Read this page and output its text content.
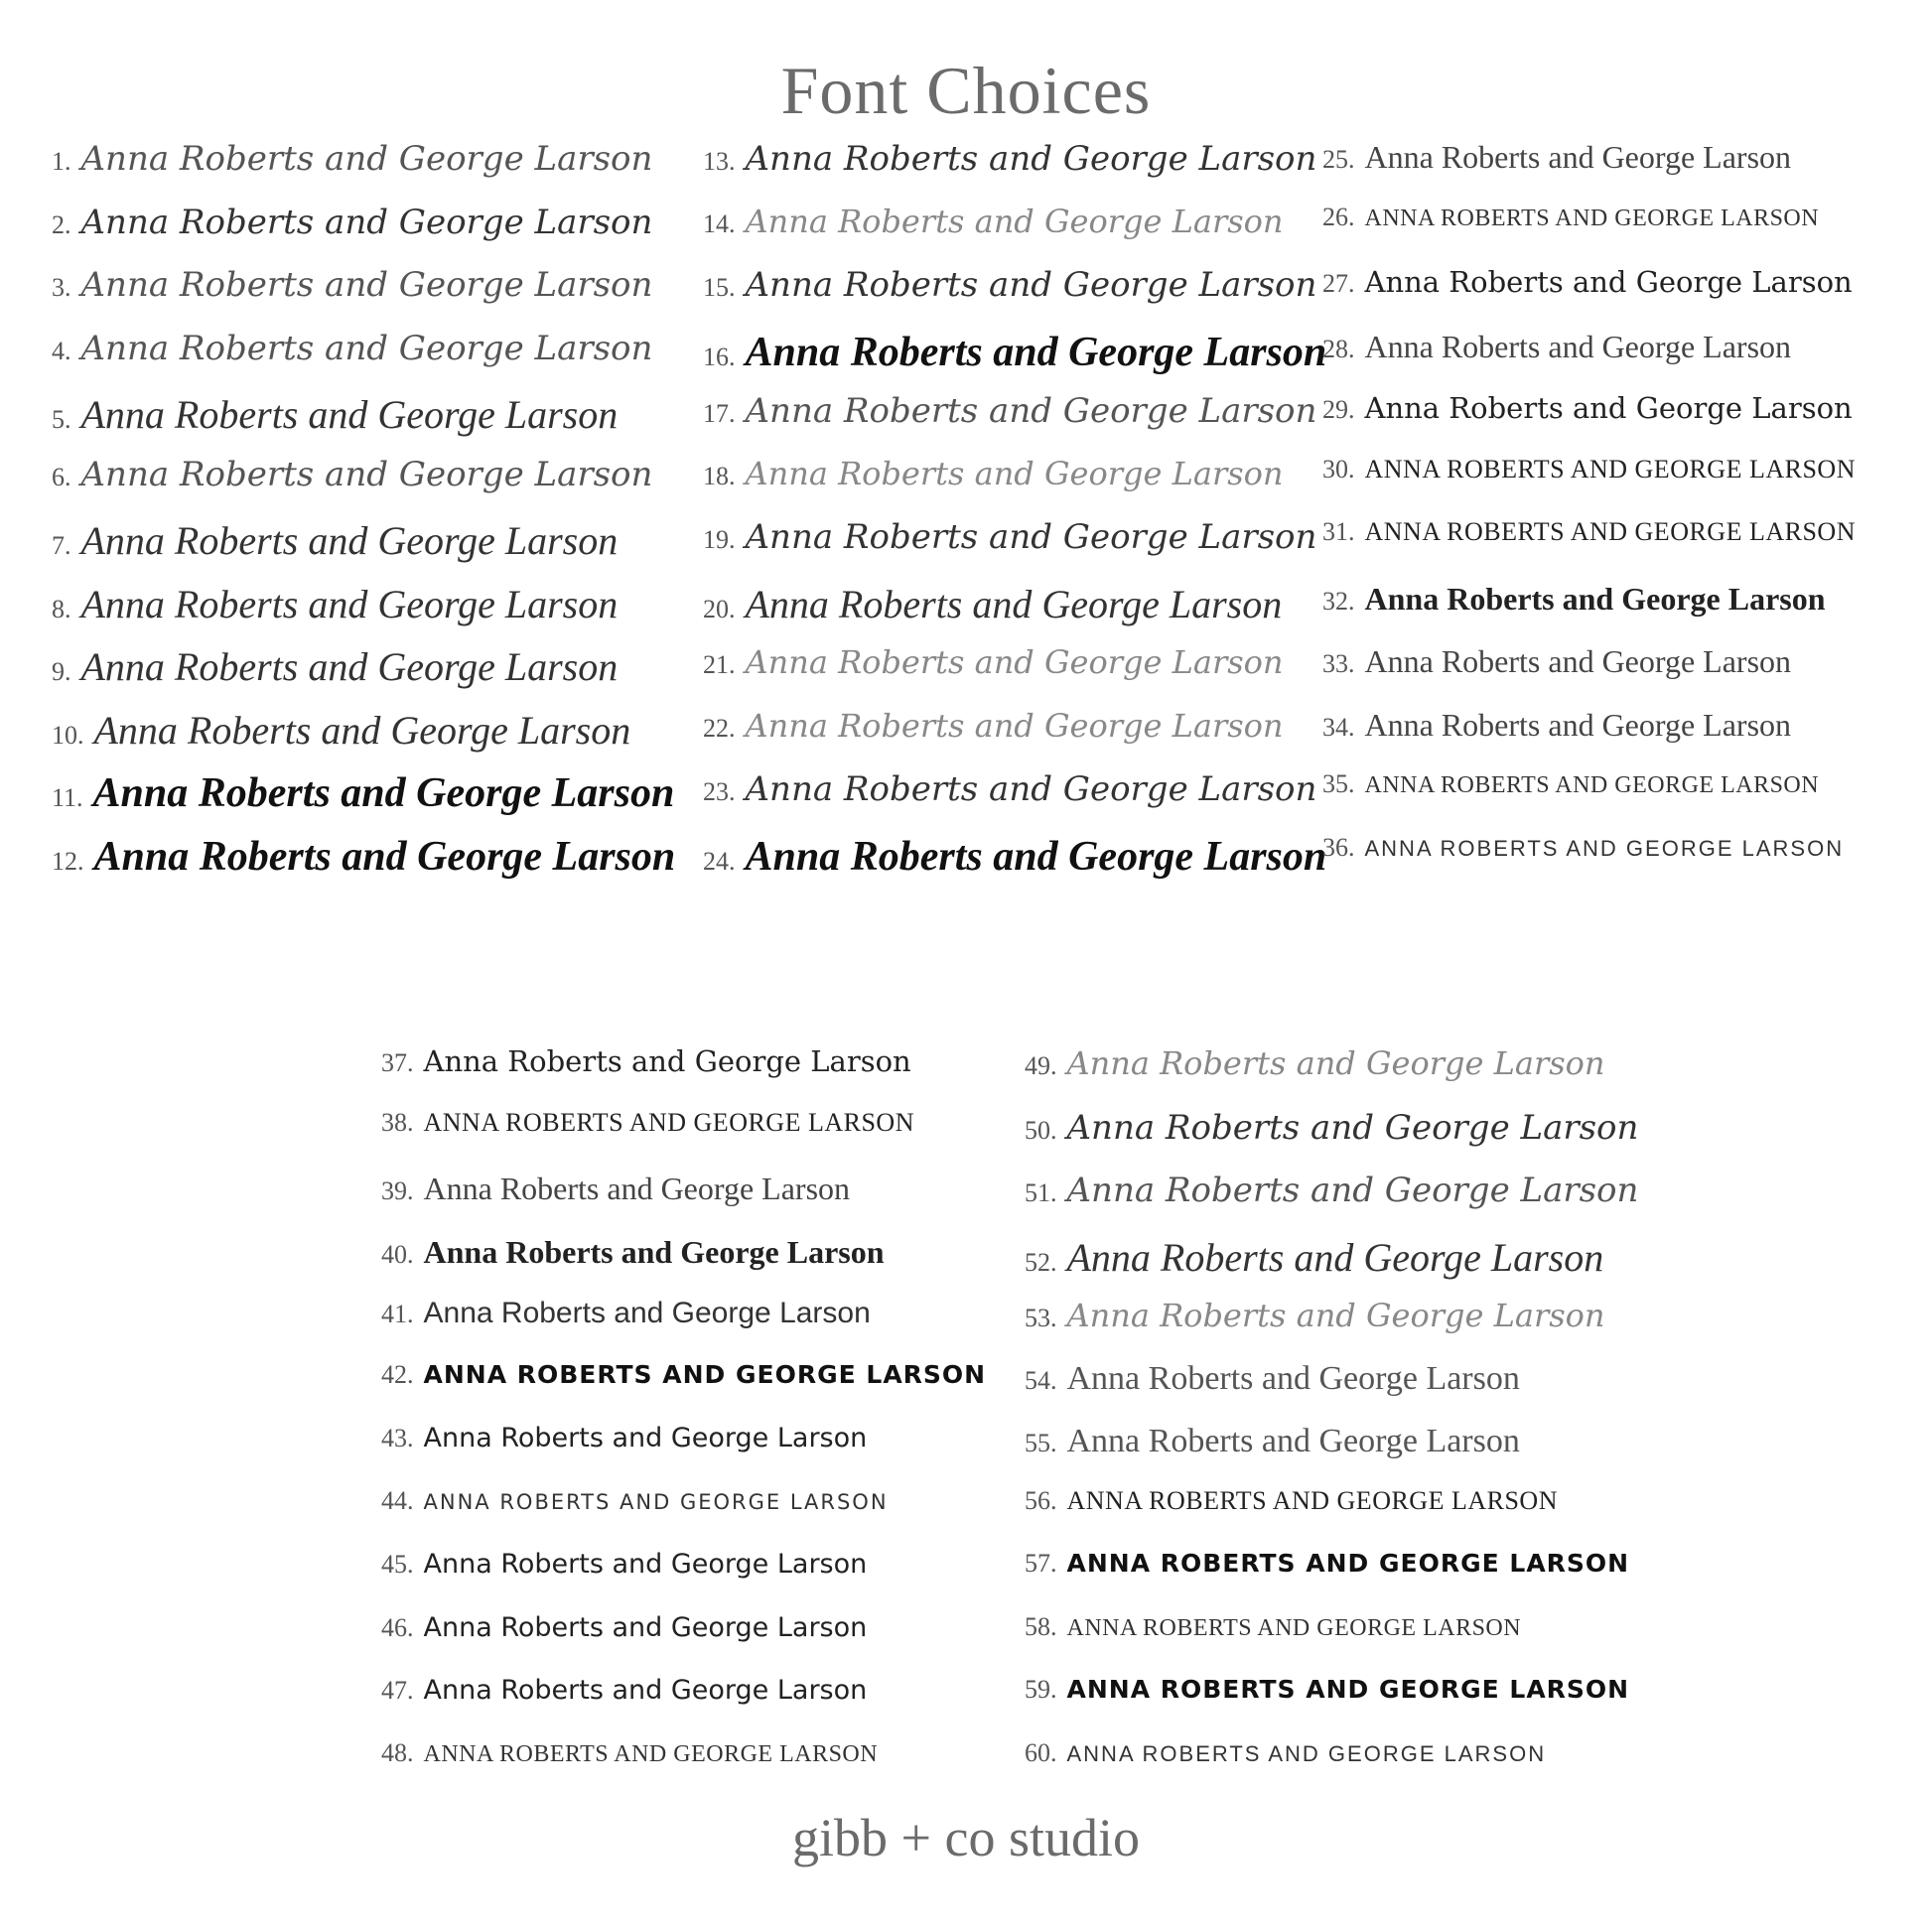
Font Choices
1. Anna Roberts and George Larson
2. Anna Roberts and George Larson
3. Anna Roberts and George Larson
4. Anna Roberts and George Larson
5. Anna Roberts and George Larson
6. Anna Roberts and George Larson
7. Anna Roberts and George Larson
8. Anna Roberts and George Larson
9. Anna Roberts and George Larson
10. Anna Roberts and George Larson
11. Anna Roberts and George Larson
12. Anna Roberts and George Larson
13. Anna Roberts and George Larson
14. Anna Roberts and George Larson
15. Anna Roberts and George Larson
16. Anna Roberts and George Larson
17. Anna Roberts and George Larson
18. Anna Roberts and George Larson
19. Anna Roberts and George Larson
20. Anna Roberts and George Larson
21. Anna Roberts and George Larson
22. Anna Roberts and George Larson
23. Anna Roberts and George Larson
24. Anna Roberts and George Larson
25. Anna Roberts and George Larson
26. ANNA ROBERTS AND GEORGE LARSON
27. Anna Roberts and George Larson
28. Anna Roberts and George Larson
29. Anna Roberts and George Larson
30. ANNA ROBERTS AND GEORGE LARSON
31. ANNA ROBERTS AND GEORGE LARSON
32. Anna Roberts and George Larson
33. Anna Roberts and George Larson
34. Anna Roberts and George Larson
35. ANNA ROBERTS AND GEORGE LARSON
36. ANNA ROBERTS AND GEORGE LARSON
37. Anna Roberts and George Larson
38. ANNA ROBERTS AND GEORGE LARSON
39. Anna Roberts and George Larson
40. Anna Roberts and George Larson
41. Anna Roberts and George Larson
42. ANNA ROBERTS AND GEORGE LARSON
43. Anna Roberts and George Larson
44. ANNA ROBERTS AND GEORGE LARSON
45. Anna Roberts and George Larson
46. Anna Roberts and George Larson
47. Anna Roberts and George Larson
48. ANNA ROBERTS AND GEORGE LARSON
49. Anna Roberts and George Larson
50. Anna Roberts and George Larson
51. Anna Roberts and George Larson
52. Anna Roberts and George Larson
53. Anna Roberts and George Larson
54. Anna Roberts and George Larson
55. Anna Roberts and George Larson
56. ANNA ROBERTS AND GEORGE LARSON
57. ANNA ROBERTS AND GEORGE LARSON
58. ANNA ROBERTS AND GEORGE LARSON
59. ANNA ROBERTS AND GEORGE LARSON
60. ANNA ROBERTS AND GEORGE LARSON
gibb + co studio
